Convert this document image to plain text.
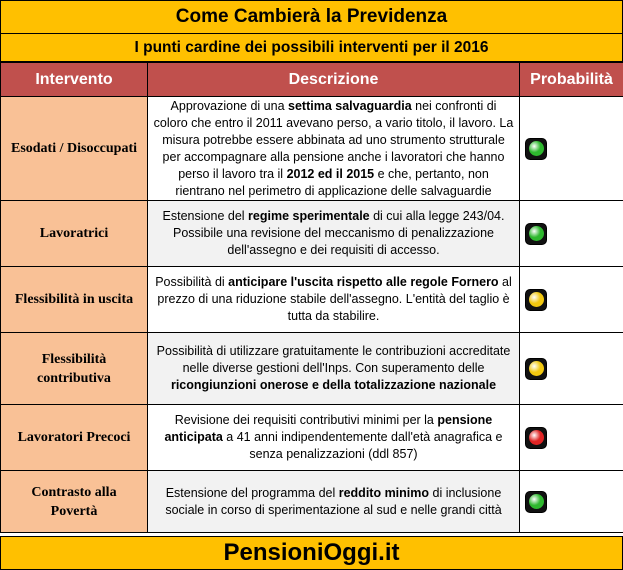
Come Cambierà la Previdenza
I punti cardine dei possibili interventi per il 2016
Intervento	Descrizione	Probabilità
Esodati / Disoccupati	Approvazione di una settima salvaguardia nei confronti di coloro che entro il 2011 avevano perso, a vario titolo, il lavoro. La misura potrebbe essere abbinata ad uno strumento strutturale per accompagnare alla pensione anche i lavoratori che hanno perso il lavoro tra il 2012 ed il 2015 e che, pertanto, non rientrano nel perimetro di applicazione delle salvaguardie	

Lavoratrici	Estensione del regime sperimentale di cui alla legge 243/04. Possibile una revisione del meccanismo di penalizzazione dell'assegno e dei requisiti di accesso.	

Flessibilità in uscita	Possibilità di anticipare l'uscita rispetto alle regole Fornero al prezzo di una riduzione stabile dell'assegno. L'entità del taglio è tutta da stabilire.	

Flessibilità contributiva	Possibilità di utilizzare gratuitamente le contribuzioni accreditate nelle diverse gestioni dell'Inps. Con superamento delle ricongiunzioni onerose e della totalizzazione nazionale	

Lavoratori Precoci	Revisione dei requisiti contributivi minimi per la pensione anticipata a 41 anni indipendentemente dall'età anagrafica e senza penalizzazioni (ddl 857)	

Contrasto alla Povertà	Estensione del programma del reddito minimo di inclusione sociale in corso di sperimentazione al sud e nelle grandi città	
PensioniOggi.it
